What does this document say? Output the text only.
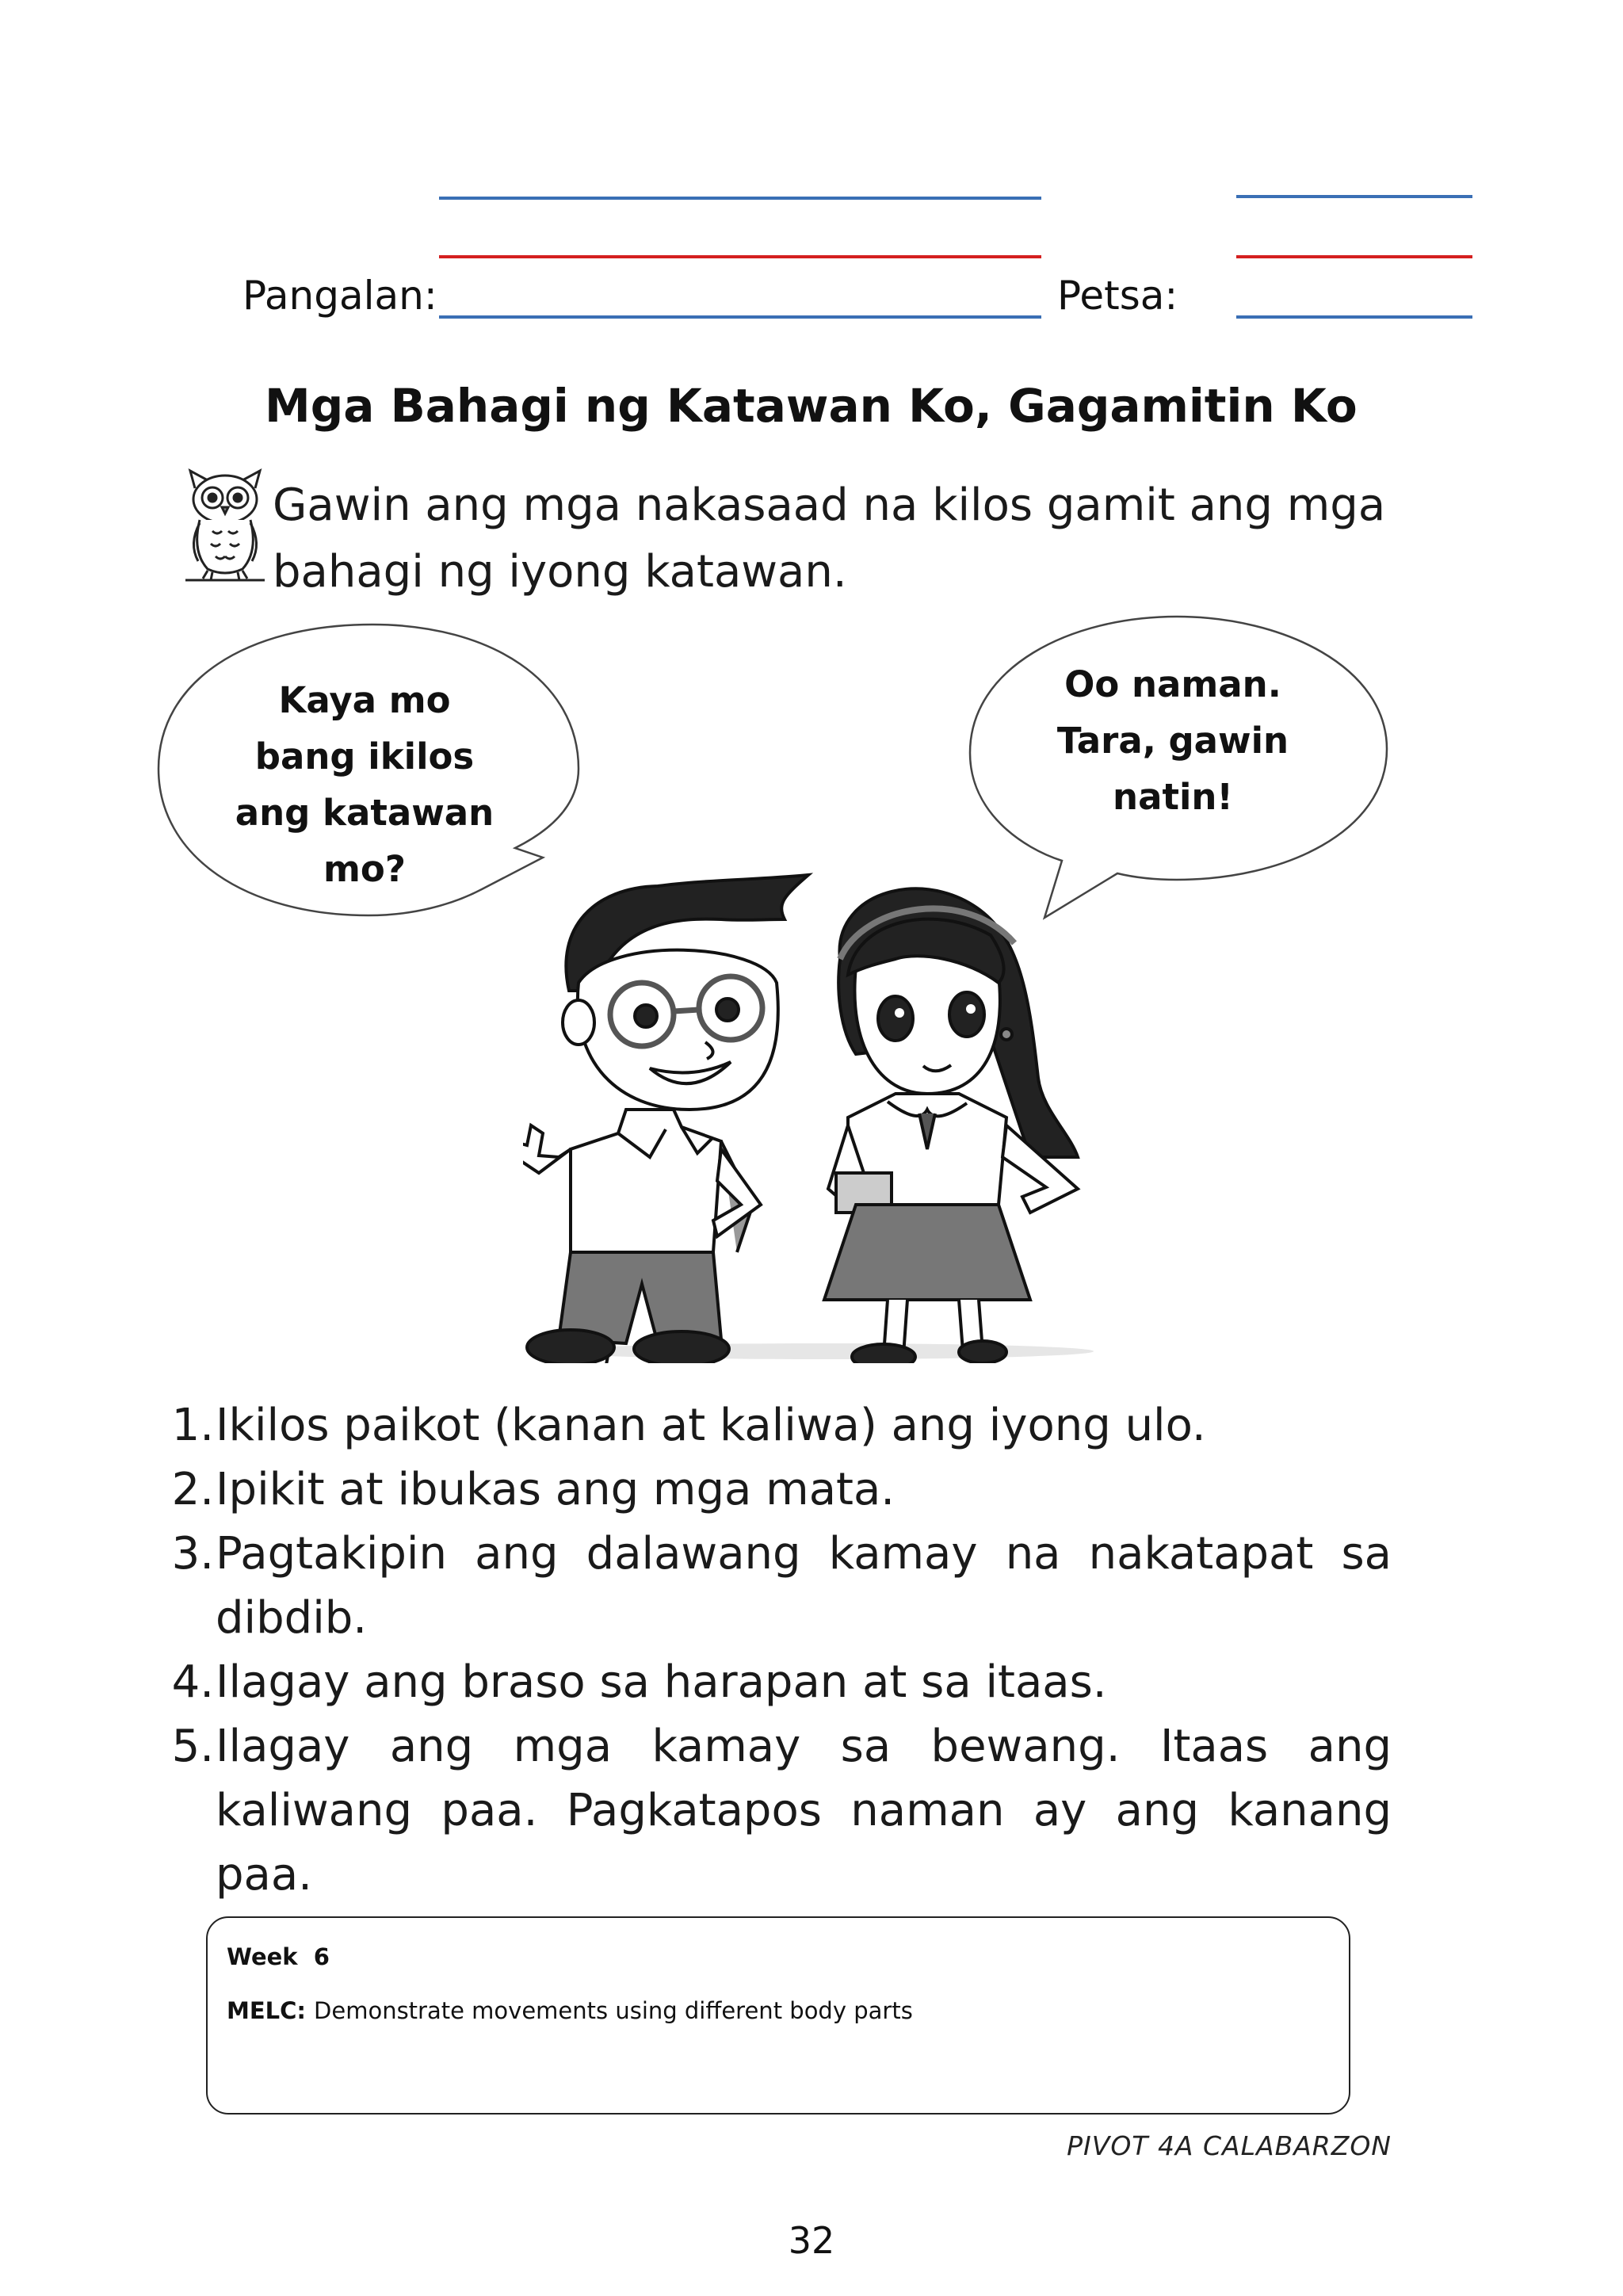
Pangalan:	Petsa:
Mga Bahagi ng Katawan Ko, Gagamitin Ko
Gawin ang mga nakasaad na kilos gamit ang mga bahagi ng iyong katawan.
Kaya mo
bang ikilos
ang katawan
mo?
Oo naman.
Tara, gawin
natin!
1. Ikilos paikot (kanan at kaliwa) ang iyong ulo.
2. Ipikit at ibukas ang mga mata.
3. Pagtakipin ang dalawang kamay na nakatapat sa dibdib.
4. Ilagay ang braso sa harapan at sa itaas.
5. Ilagay ang mga kamay sa bewang. Itaas ang kaliwang paa. Pagkatapos naman ay ang kanang paa.
Week  6
MELC: Demonstrate movements using different body parts
PIVOT 4A CALABARZON
32
